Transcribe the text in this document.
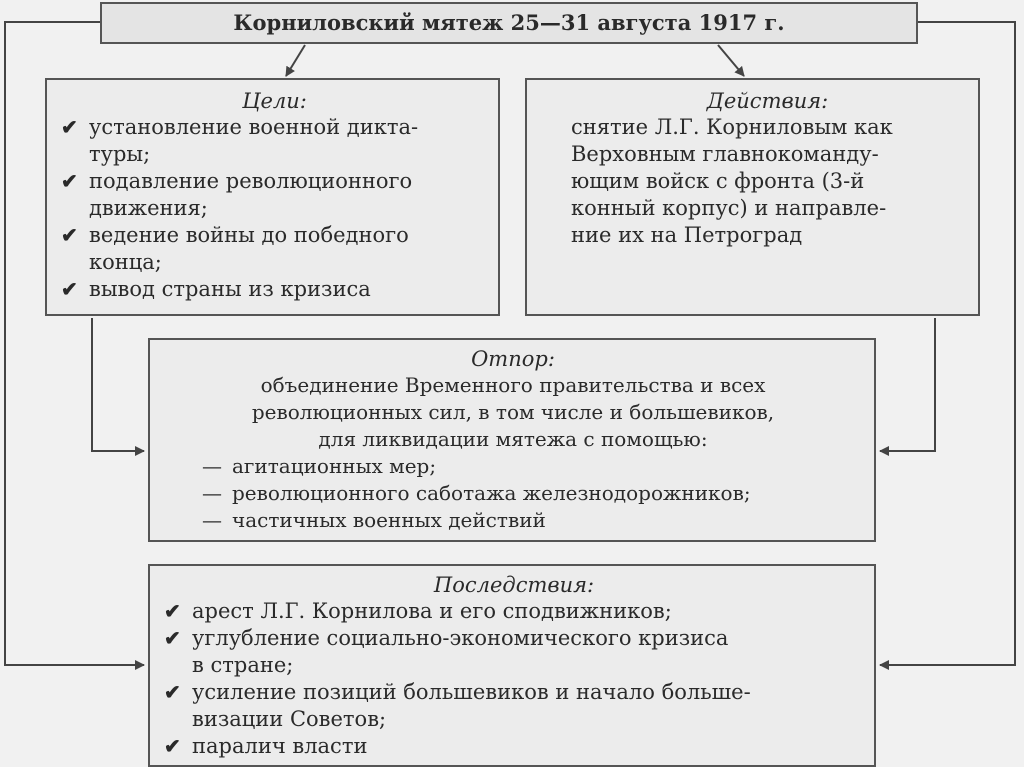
Корниловский мятеж 25—31 августа 1917 г.
Цели:
✔ установление военной дикта-
туры;
✔ подавление революционного
движения;
✔ ведение войны до победного
конца;
✔ вывод страны из кризиса
Действия:
снятие Л.Г. Корниловым как
Верховным главнокоманду-
ющим войск с фронта (3-й
конный корпус) и направле-
ние их на Петроград
Отпор:
объединение Временного правительства и всех
революционных сил, в том числе и большевиков,
для ликвидации мятежа с помощью:
— агитационных мер;
— революционного саботажа железнодорожников;
— частичных военных действий
Последствия:
✔ арест Л.Г. Корнилова и его сподвижников;
✔ углубление социально-экономического кризиса
в стране;
✔ усиление позиций большевиков и начало больше-
визации Советов;
✔ паралич власти
